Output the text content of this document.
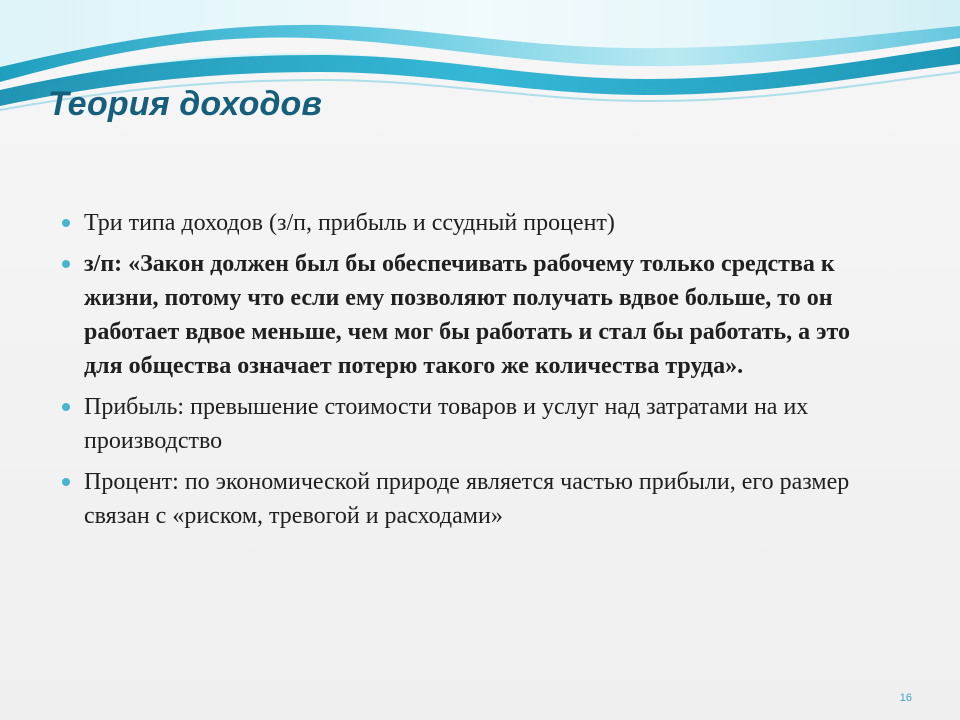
Теория доходов
Три типа доходов (з/п, прибыль и ссудный процент)
з/п: «Закон должен был бы обеспечивать рабочему только средства к жизни, потому что если ему позволяют получать вдвое больше, то он работает вдвое меньше, чем мог бы работать и стал бы работать, а это для общества означает потерю такого же количества труда».
Прибыль: превышение стоимости товаров и услуг над затратами на их производство
Процент: по экономической природе является частью прибыли, его размер связан с «риском, тревогой и расходами»
16
